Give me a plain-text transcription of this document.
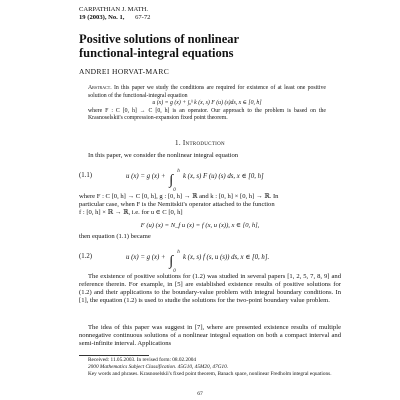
CARPATHIAN J. MATH.
19 (2003), No. 1, 67-72
Positive solutions of nonlinear
functional-integral equations
ANDREI HORVAT-MARC
Abstract. In this paper we study the conditions are required for existence of at least one positive solution of the functional-integral equation
u (x) = g (x) + ∫₀ᵇ k (x, s) F (u) (s)ds, x ∈ [0, h]
where F : C [0, h] → C [0, h] is an operator. Our approach to the problem is based on the Krasnoselskii's compression-expansion fixed point theorem.
1. Introduction
In this paper, we consider the nonlinear integral equation
(1.1)	u (x) = g (x) + ∫
h
0
k (x, s) F (u) (s) ds, x ∈ [0, h]
where F : C [0, h] → C [0, h], g : [0, h] → ℝ and k : [0, h] × [0, h] → ℝ. In
particular case, when F is the Nemitskii's operator attached to the function
f : [0, h] × ℝ → ℝ, i.e. for u ∈ C [0, h]
F (u) (x) = N_f u (x) = f (x, u (x)), x ∈ [0, h],
then equation (1.1) became
(1.2)	u (x) = g (x) + ∫
h
0
k (x, s) f (s, u (s)) ds, x ∈ [0, h].
The existence of positive solutions for (1.2) was studied in several papers [1, 2, 5, 7, 8, 9] and reference therein. For example, in [5] are established existence results of positive solutions for (1.2) and their applications to the boundary-value problem with integral boundary conditions. In [1], the equation (1.2) is used to studie the solutions for the two-point boundary value problem.
The idea of this paper was suggest in [7], where are presented existence results of multiple nonnegative continuous solutions of a nonlinear integral equation on both a compact interval and semi-infinite interval. Applications
Received: 11.05.2003. In revised form: 08.02.2004
2000 Mathematics Subject Classification. 45G10, 45M20, 47G10.
Key words and phrases. Krasnoselskii's fixed point theorem, Banach space, nonlinear Fredholm integral equations.
67
